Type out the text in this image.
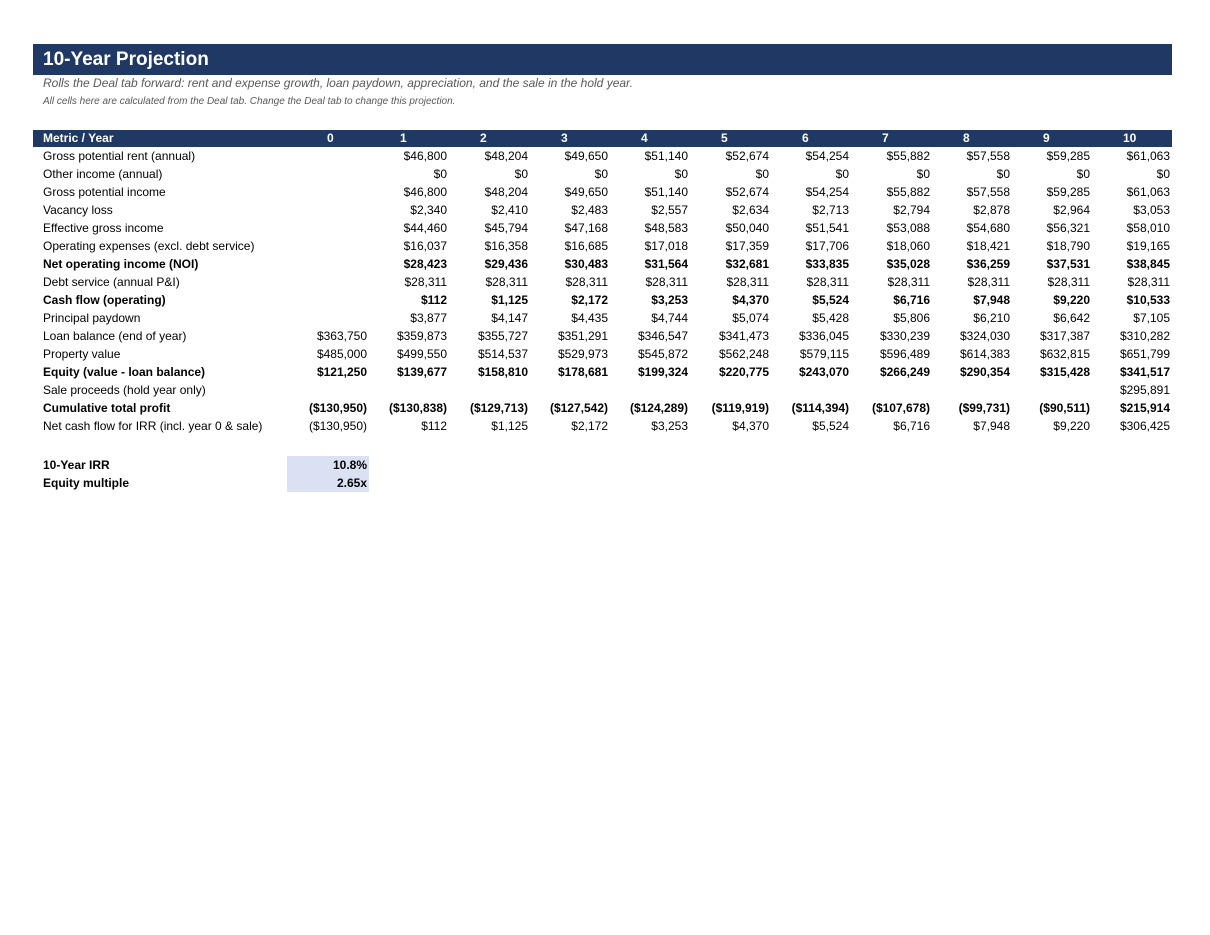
10-Year Projection
Rolls the Deal tab forward: rent and expense growth, loan paydown, appreciation, and the sale in the hold year.
All cells here are calculated from the Deal tab. Change the Deal tab to change this projection.
Metric / Year	0	1	2	3	4	5	6	7	8	9	10
Gross potential rent (annual)		$46,800	$48,204	$49,650	$51,140	$52,674	$54,254	$55,882	$57,558	$59,285	$61,063
Other income (annual)		$0	$0	$0	$0	$0	$0	$0	$0	$0	$0
Gross potential income		$46,800	$48,204	$49,650	$51,140	$52,674	$54,254	$55,882	$57,558	$59,285	$61,063
Vacancy loss		$2,340	$2,410	$2,483	$2,557	$2,634	$2,713	$2,794	$2,878	$2,964	$3,053
Effective gross income		$44,460	$45,794	$47,168	$48,583	$50,040	$51,541	$53,088	$54,680	$56,321	$58,010
Operating expenses (excl. debt service)		$16,037	$16,358	$16,685	$17,018	$17,359	$17,706	$18,060	$18,421	$18,790	$19,165
Net operating income (NOI)		$28,423	$29,436	$30,483	$31,564	$32,681	$33,835	$35,028	$36,259	$37,531	$38,845
Debt service (annual P&I)		$28,311	$28,311	$28,311	$28,311	$28,311	$28,311	$28,311	$28,311	$28,311	$28,311
Cash flow (operating)		$112	$1,125	$2,172	$3,253	$4,370	$5,524	$6,716	$7,948	$9,220	$10,533
Principal paydown		$3,877	$4,147	$4,435	$4,744	$5,074	$5,428	$5,806	$6,210	$6,642	$7,105
Loan balance (end of year)	$363,750	$359,873	$355,727	$351,291	$346,547	$341,473	$336,045	$330,239	$324,030	$317,387	$310,282
Property value	$485,000	$499,550	$514,537	$529,973	$545,872	$562,248	$579,115	$596,489	$614,383	$632,815	$651,799
Equity (value - loan balance)	$121,250	$139,677	$158,810	$178,681	$199,324	$220,775	$243,070	$266,249	$290,354	$315,428	$341,517
Sale proceeds (hold year only)											$295,891
Cumulative total profit	($130,950)	($130,838)	($129,713)	($127,542)	($124,289)	($119,919)	($114,394)	($107,678)	($99,731)	($90,511)	$215,914
Net cash flow for IRR (incl. year 0 & sale)	($130,950)	$112	$1,125	$2,172	$3,253	$4,370	$5,524	$6,716	$7,948	$9,220	$306,425
10-Year IRR	10.8%
Equity multiple	2.65x
